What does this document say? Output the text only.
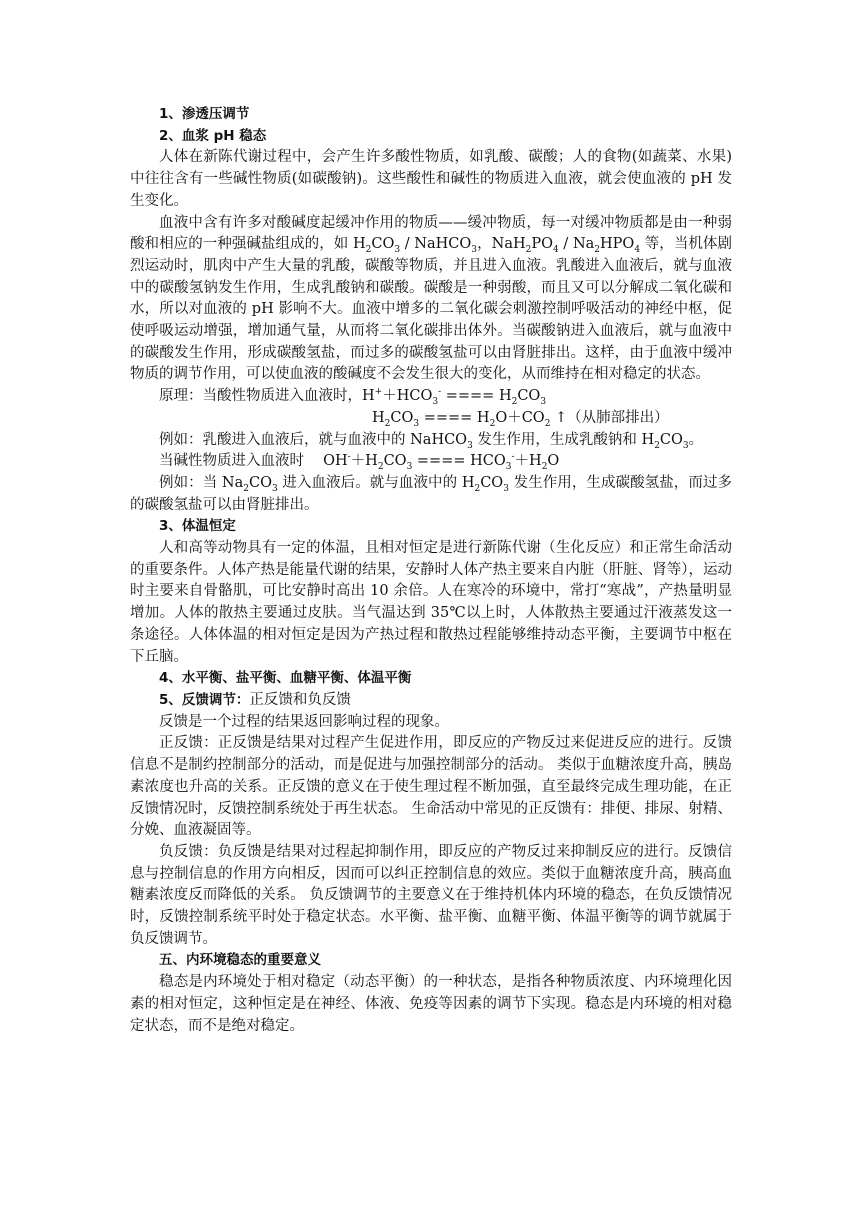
1、渗透压调节

2、血浆 pH 稳态

人体在新陈代谢过程中，会产生许多酸性物质，如乳酸、碳酸；人的食物(如蔬菜、水果)中往往含有一些碱性物质(如碳酸钠)。这些酸性和碱性的物质进入血液，就会使血液的 pH 发生变化。

血液中含有许多对酸碱度起缓冲作用的物质——缓冲物质，每一对缓冲物质都是由一种弱酸和相应的一种强碱盐组成的，如 $H_2CO_3$ / NaHCO$_3$，$NaH_2PO_4 / Na_2HPO_4$ 等，当机体剧烈运动时，肌肉中产生大量的乳酸，碳酸等物质，并且进入血液。乳酸进入血液后，就与血液中的碳酸氢钠发生作用，生成乳酸钠和碳酸。碳酸是一种弱酸，而且又可以分解成二氧化碳和水，所以对血液的 pH 影响不大。血液中增多的二氧化碳会刺激控制呼吸活动的神经中枢，促使呼吸运动增强，增加通气量，从而将二氧化碳排出体外。当碳酸钠进入血液后，就与血液中的碳酸发生作用，形成碳酸氢盐，而过多的碳酸氢盐可以由肾脏排出。这样，由于血液中缓冲物质的调节作用，可以使血液的酸碱度不会发生很大的变化，从而维持在相对稳定的状态。

原理：当酸性物质进入血液时，$H^++HCO_3^-$ ==== $H_2CO_3$

$H_2CO_3$ ==== $H_2O+CO_2$ ↑（从肺部排出）

例如：乳酸进入血液后，就与血液中的 NaHCO$_3$ 发生作用，生成乳酸钠和 $H_2CO_3$。

当碱性物质进入血液时　 $OH^-+H_2CO_3$ ==== $HCO_3^-+H_2O$

例如：当 $Na_2CO_3$ 进入血液后。就与血液中的 $H_2CO_3$ 发生作用，生成碳酸氢盐，而过多的碳酸氢盐可以由肾脏排出。

3、体温恒定

人和高等动物具有一定的体温，且相对恒定是进行新陈代谢（生化反应）和正常生命活动的重要条件。人体产热是能量代谢的结果，安静时人体产热主要来自内脏（肝脏、肾等），运动时主要来自骨骼肌，可比安静时高出 10 余倍。人在寒冷的环境中，常打“寒战”，产热量明显增加。人体的散热主要通过皮肤。当气温达到 35℃以上时，人体散热主要通过汗液蒸发这一条途径。人体体温的相对恒定是因为产热过程和散热过程能够维持动态平衡，主要调节中枢在下丘脑。

4、水平衡、盐平衡、血糖平衡、体温平衡

5、反馈调节：正反馈和负反馈

反馈是一个过程的结果返回影响过程的现象。

正反馈：正反馈是结果对过程产生促进作用，即反应的产物反过来促进反应的进行。反馈信息不是制约控制部分的活动，而是促进与加强控制部分的活动。 类似于血糖浓度升高，胰岛素浓度也升高的关系。正反馈的意义在于使生理过程不断加强，直至最终完成生理功能，在正反馈情况时，反馈控制系统处于再生状态。 生命活动中常见的正反馈有：排便、排尿、射精、分娩、血液凝固等。

负反馈：负反馈是结果对过程起抑制作用，即反应的产物反过来抑制反应的进行。反馈信息与控制信息的作用方向相反，因而可以纠正控制信息的效应。类似于血糖浓度升高，胰高血糖素浓度反而降低的关系。 负反馈调节的主要意义在于维持机体内环境的稳态，在负反馈情况时，反馈控制系统平时处于稳定状态。水平衡、盐平衡、血糖平衡、体温平衡等的调节就属于负反馈调节。

五、内环境稳态的重要意义

稳态是内环境处于相对稳定（动态平衡）的一种状态，是指各种物质浓度、内环境理化因素的相对恒定，这种恒定是在神经、体液、免疫等因素的调节下实现。稳态是内环境的相对稳定状态，而不是绝对稳定。
